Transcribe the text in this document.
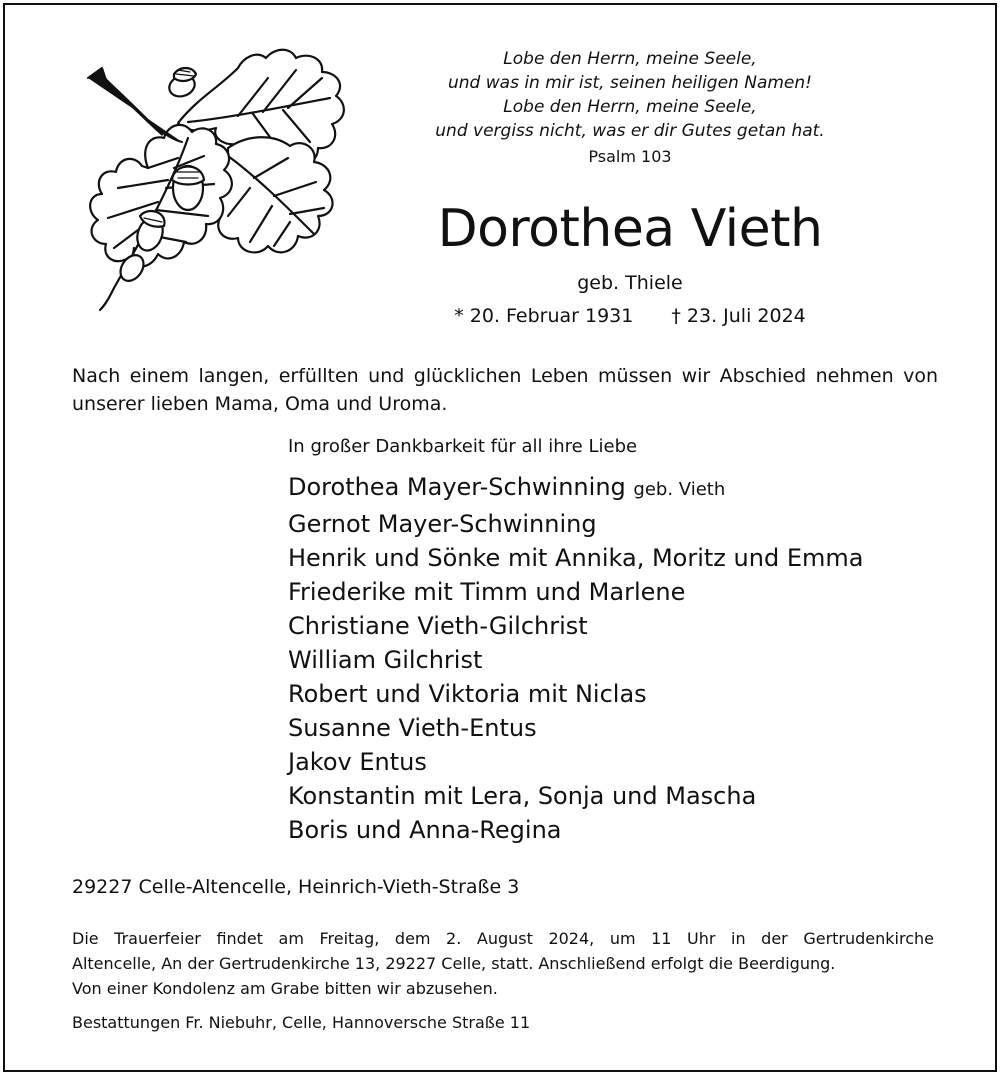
Lobe den Herrn, meine Seele,
und was in mir ist, seinen heiligen Namen!
Lobe den Herrn, meine Seele,
und vergiss nicht, was er dir Gutes getan hat.
Psalm 103
Dorothea Vieth
geb. Thiele
* 20. Februar 1931 † 23. Juli 2024
Nach einem langen, erfüllten und glücklichen Leben müssen wir Abschied nehmen von unserer lieben Mama, Oma und Uroma.
In großer Dankbarkeit für all ihre Liebe
Dorothea Mayer-Schwinning geb. Vieth
Gernot Mayer-Schwinning
Henrik und Sönke mit Annika, Moritz und Emma
Friederike mit Timm und Marlene
Christiane Vieth-Gilchrist
William Gilchrist
Robert und Viktoria mit Niclas
Susanne Vieth-Entus
Jakov Entus
Konstantin mit Lera, Sonja und Mascha
Boris und Anna-Regina
29227 Celle-Altencelle, Heinrich-Vieth-Straße 3
Die Trauerfeier findet am Freitag, dem 2. August 2024, um 11 Uhr in der Gertrudenkirche
Altencelle, An der Gertrudenkirche 13, 29227 Celle, statt. Anschließend erfolgt die Beerdigung.
Von einer Kondolenz am Grabe bitten wir abzusehen.
Bestattungen Fr. Niebuhr, Celle, Hannoversche Straße 11
